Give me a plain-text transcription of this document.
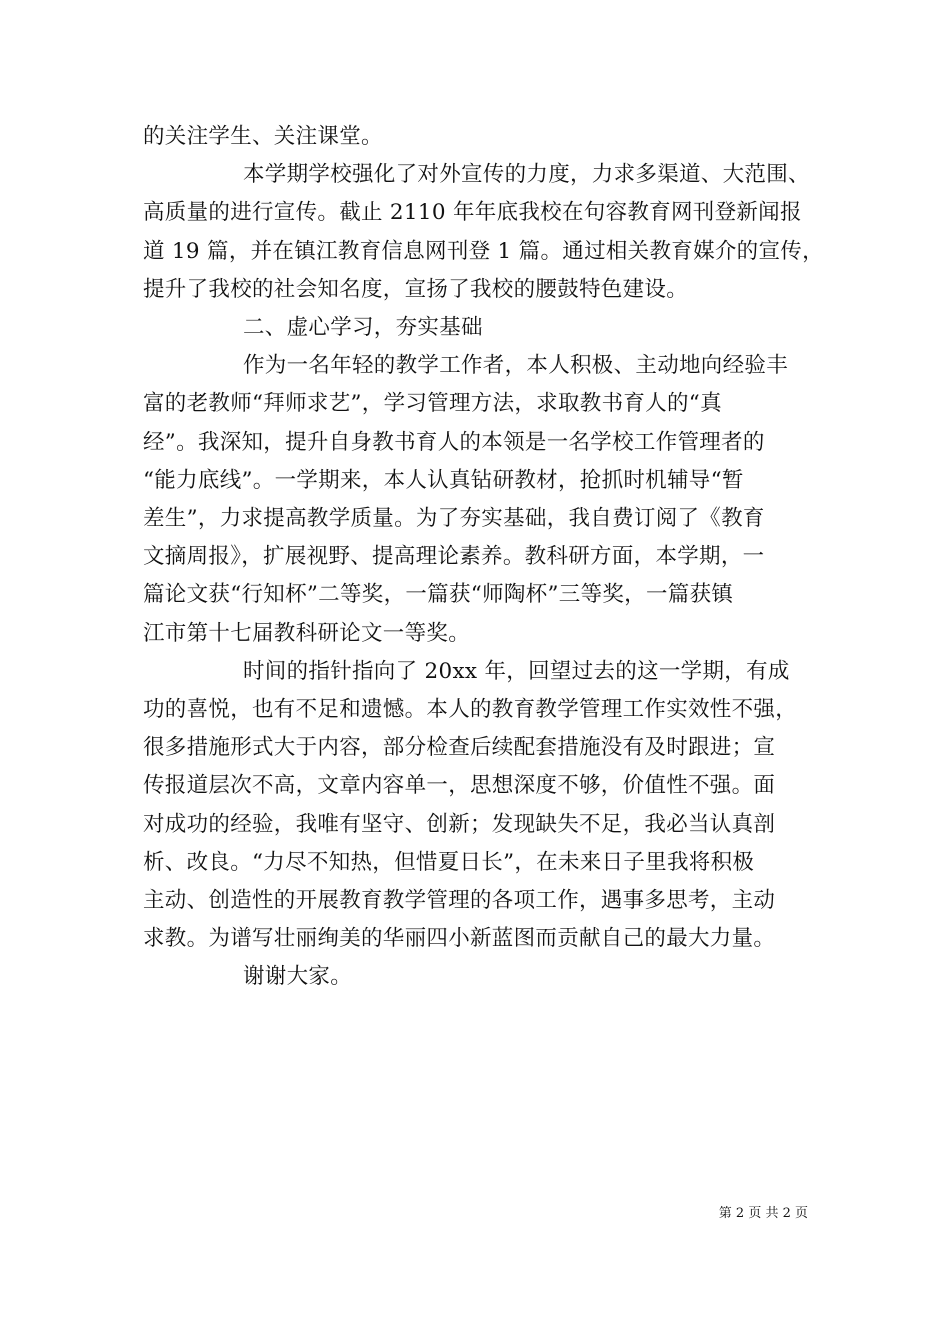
的关注学生、关注课堂。
本学期学校强化了对外宣传的力度，力求多渠道、大范围、
高质量的进行宣传。截止 2110 年年底我校在句容教育网刊登新闻报
道 19 篇，并在镇江教育信息网刊登 1 篇。通过相关教育媒介的宣传，
提升了我校的社会知名度，宣扬了我校的腰鼓特色建设。
二、虚心学习，夯实基础
作为一名年轻的教学工作者，本人积极、主动地向经验丰
富的老教师“拜师求艺”，学习管理方法，求取教书育人的“真
经”。我深知，提升自身教书育人的本领是一名学校工作管理者的
“能力底线”。一学期来，本人认真钻研教材，抢抓时机辅导“暂
差生”，力求提高教学质量。为了夯实基础，我自费订阅了《教育
文摘周报》，扩展视野、提高理论素养。教科研方面，本学期，一
篇论文获“行知杯”二等奖，一篇获“师陶杯”三等奖，一篇获镇
江市第十七届教科研论文一等奖。
时间的指针指向了 20xx 年，回望过去的这一学期，有成
功的喜悦，也有不足和遗憾。本人的教育教学管理工作实效性不强，
很多措施形式大于内容，部分检查后续配套措施没有及时跟进；宣
传报道层次不高，文章内容单一，思想深度不够，价值性不强。面
对成功的经验，我唯有坚守、创新；发现缺失不足，我必当认真剖
析、改良。“力尽不知热，但惜夏日长”，在未来日子里我将积极
主动、创造性的开展教育教学管理的各项工作，遇事多思考，主动
求教。为谱写壮丽绚美的华丽四小新蓝图而贡献自己的最大力量。
谢谢大家。
第 2 页 共 2 页
